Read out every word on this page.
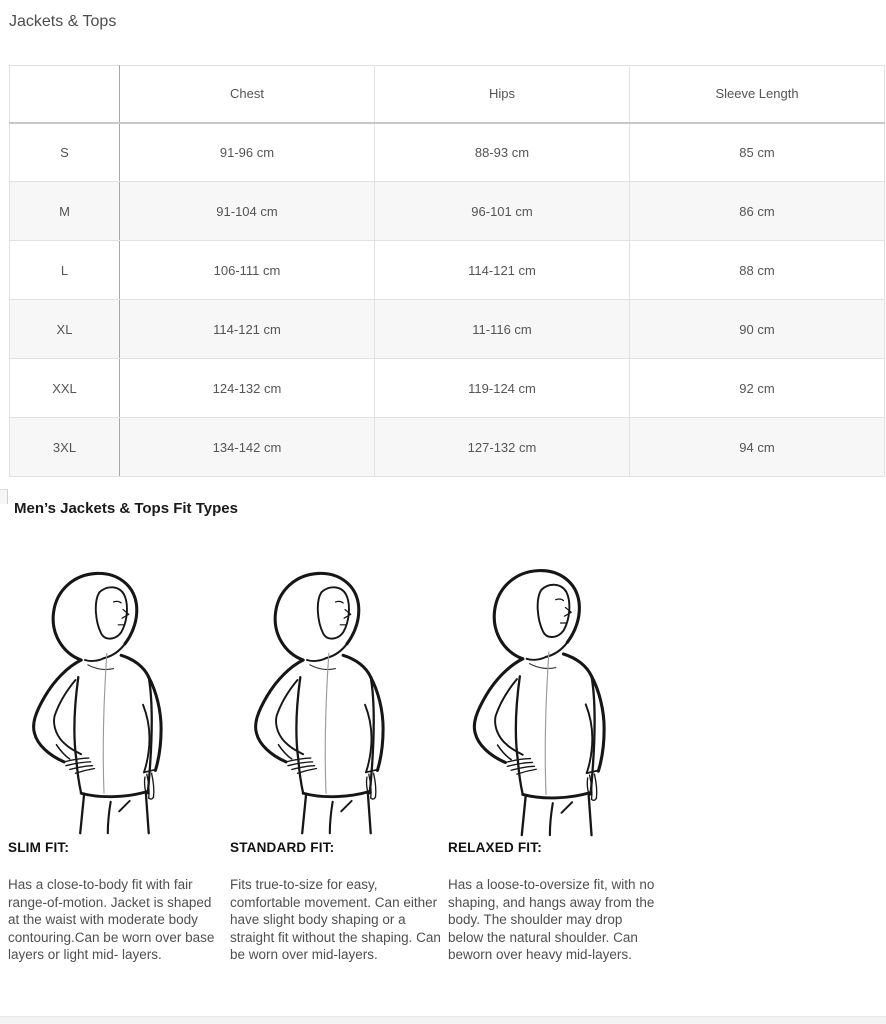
Jackets & Tops
	Chest	Hips	Sleeve Length
S	91-96 cm	88-93 cm	85 cm
M	91-104 cm	96-101 cm	86 cm
L	106-111 cm	114-121 cm	88 cm
XL	114-121 cm	11-116 cm	90 cm
XXL	124-132 cm	119-124 cm	92 cm
3XL	134-142 cm	127-132 cm	94 cm
Men’s Jackets & Tops Fit Types
SLIM FIT:
Has a close-to-body fit with fair range-of-motion. Jacket is shaped at the waist with moderate body contouring.Can be worn over base layers or light mid- layers.
STANDARD FIT:
Fits true-to-size for easy, comfortable movement. Can either have slight body shaping or a straight fit without the shaping. Can be worn over mid-layers.
RELAXED FIT:
Has a loose-to-oversize fit, with no shaping, and hangs away from the body. The shoulder may drop below the natural shoulder. Can beworn over heavy mid-layers.
